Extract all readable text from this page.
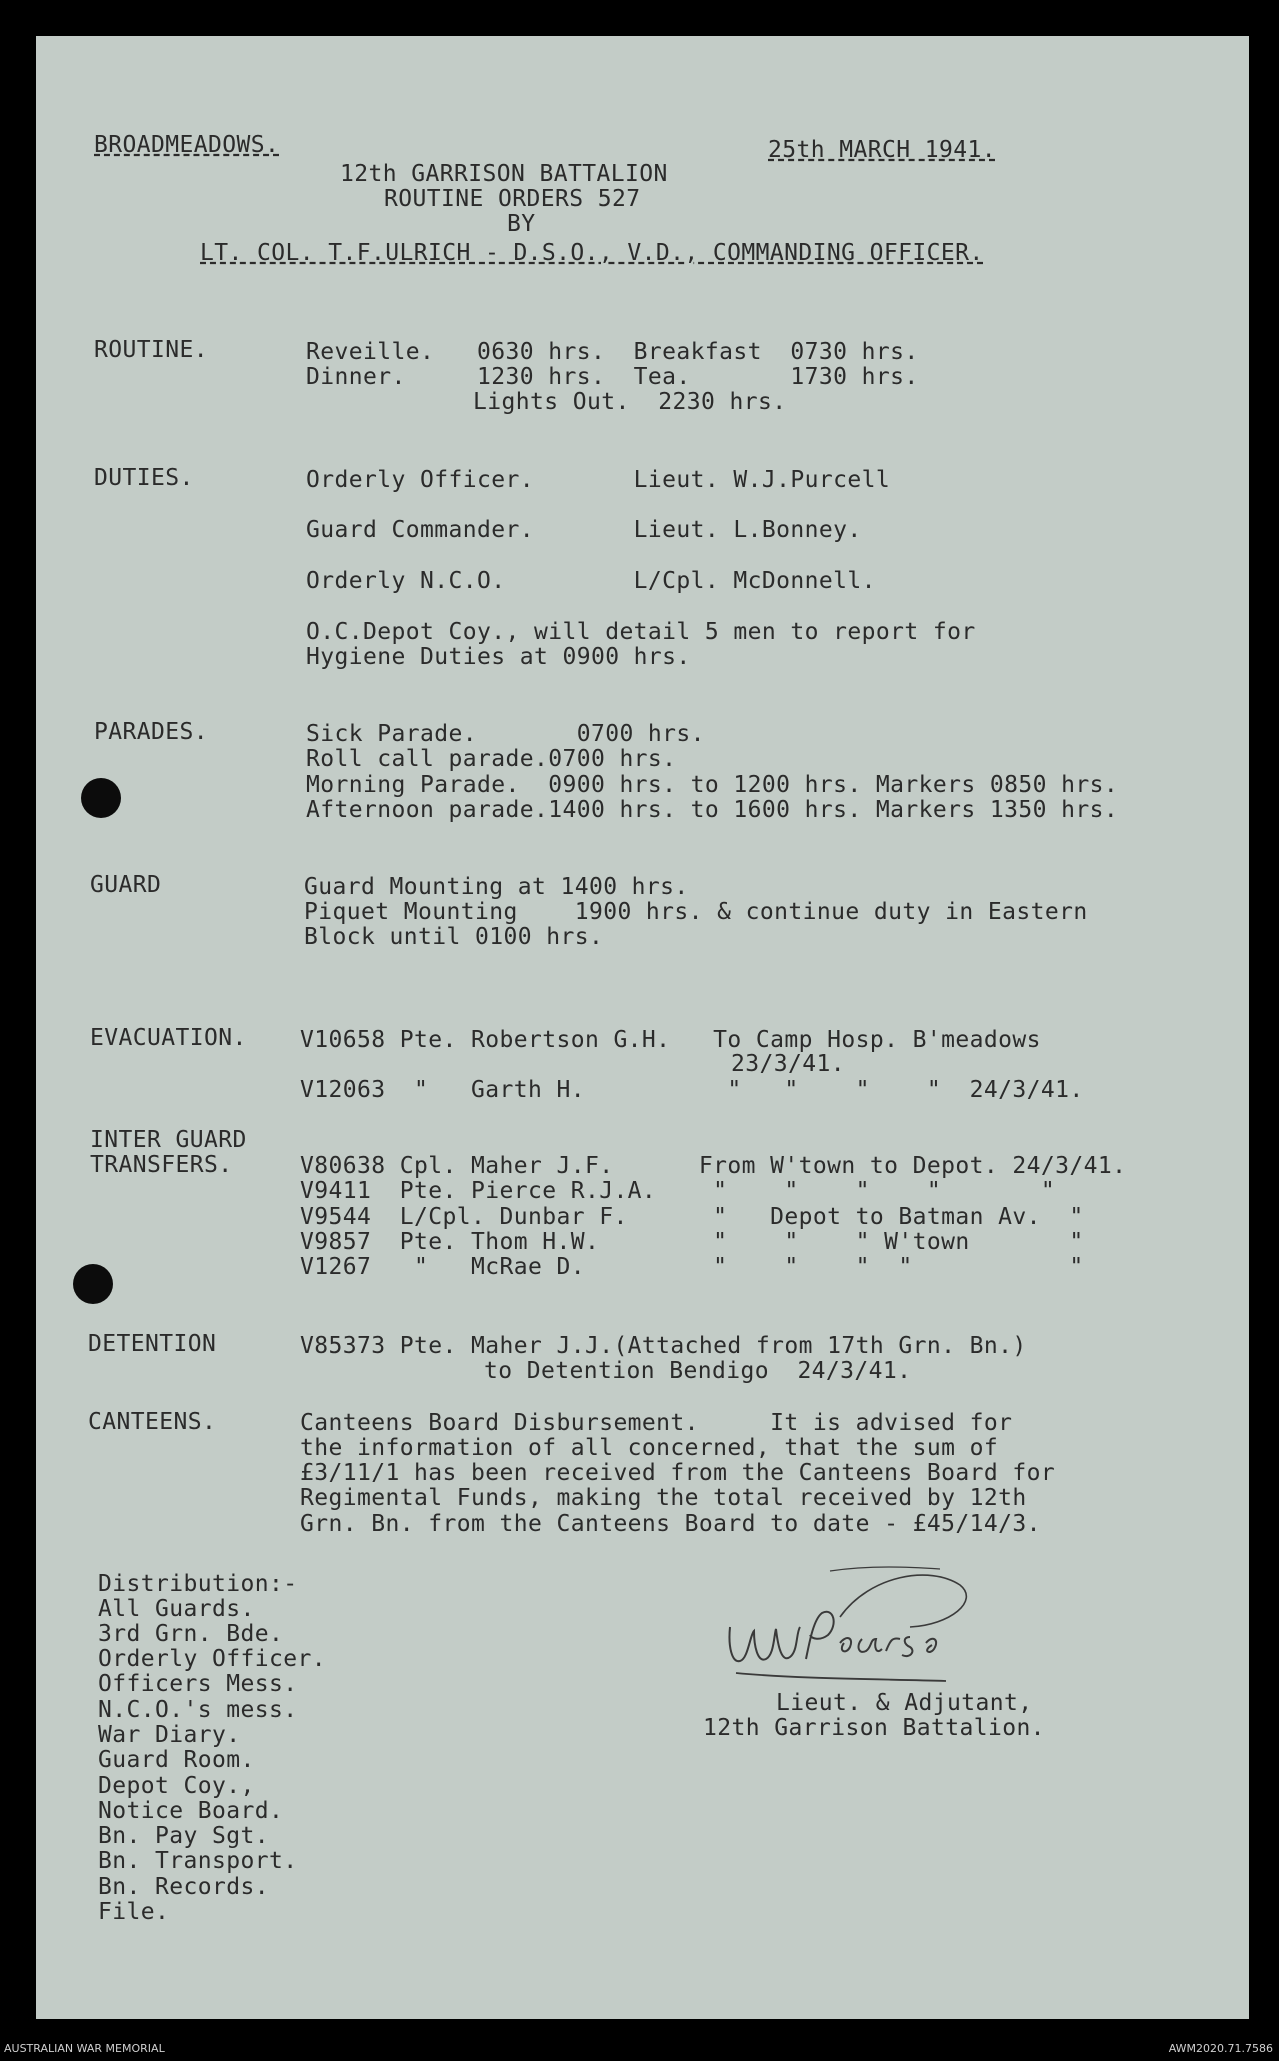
BROADMEADOWS.	25th MARCH 1941.
12th GARRISON BATTALION
ROUTINE ORDERS 527
BY
LT. COL. T.F.ULRICH - D.S.O., V.D., COMMANDING OFFICER.
ROUTINE.	Reveille.   0630 hrs.  Breakfast  0730 hrs.
Dinner.     1230 hrs.  Tea.       1730 hrs.
Lights Out.  2230 hrs.
DUTIES.	Orderly Officer.       Lieut. W.J.Purcell
Guard Commander.       Lieut. L.Bonney.
Orderly N.C.O.         L/Cpl. McDonnell.
O.C.Depot Coy., will detail 5 men to report for
Hygiene Duties at 0900 hrs.
PARADES.	Sick Parade.       0700 hrs.
Roll call parade.0700 hrs.
Morning Parade.  0900 hrs. to 1200 hrs. Markers 0850 hrs.
Afternoon parade.1400 hrs. to 1600 hrs. Markers 1350 hrs.
GUARD	Guard Mounting at 1400 hrs.
Piquet Mounting    1900 hrs. & continue duty in Eastern
Block until 0100 hrs.
EVACUATION. V10658 Pte. Robertson G.H.   To Camp Hosp. B'meadows
23/3/41.
V12063  "   Garth H.          "   "    "    "  24/3/41.
INTER GUARD
TRANSFERS.	V80638 Cpl. Maher J.F.      From W'town to Depot. 24/3/41.
V9411  Pte. Pierce R.J.A.    "    "    "    "       "
V9544  L/Cpl. Dunbar F.      "   Depot to Batman Av.  "
V9857  Pte. Thom H.W.        "    "    " W'town       "
V1267   "   McRae D.         "    "    "  "           "
DETENTION	V85373 Pte. Maher J.J.(Attached from 17th Grn. Bn.)
to Detention Bendigo  24/3/41.
CANTEENS.	Canteens Board Disbursement.     It is advised for
the information of all concerned, that the sum of
£3/11/1 has been received from the Canteens Board for
Regimental Funds, making the total received by 12th
Grn. Bn. from the Canteens Board to date - £45/14/3.
Distribution:-
All Guards.
3rd Grn. Bde.
Orderly Officer.
Officers Mess.
N.C.O.'s mess.
War Diary.
Guard Room.
Depot Coy.,
Notice Board.
Bn. Pay Sgt.
Bn. Transport.
Bn. Records.
File.
Lieut. & Adjutant,
12th Garrison Battalion.
AUSTRALIAN WAR MEMORIAL	AWM2020.71.7586
